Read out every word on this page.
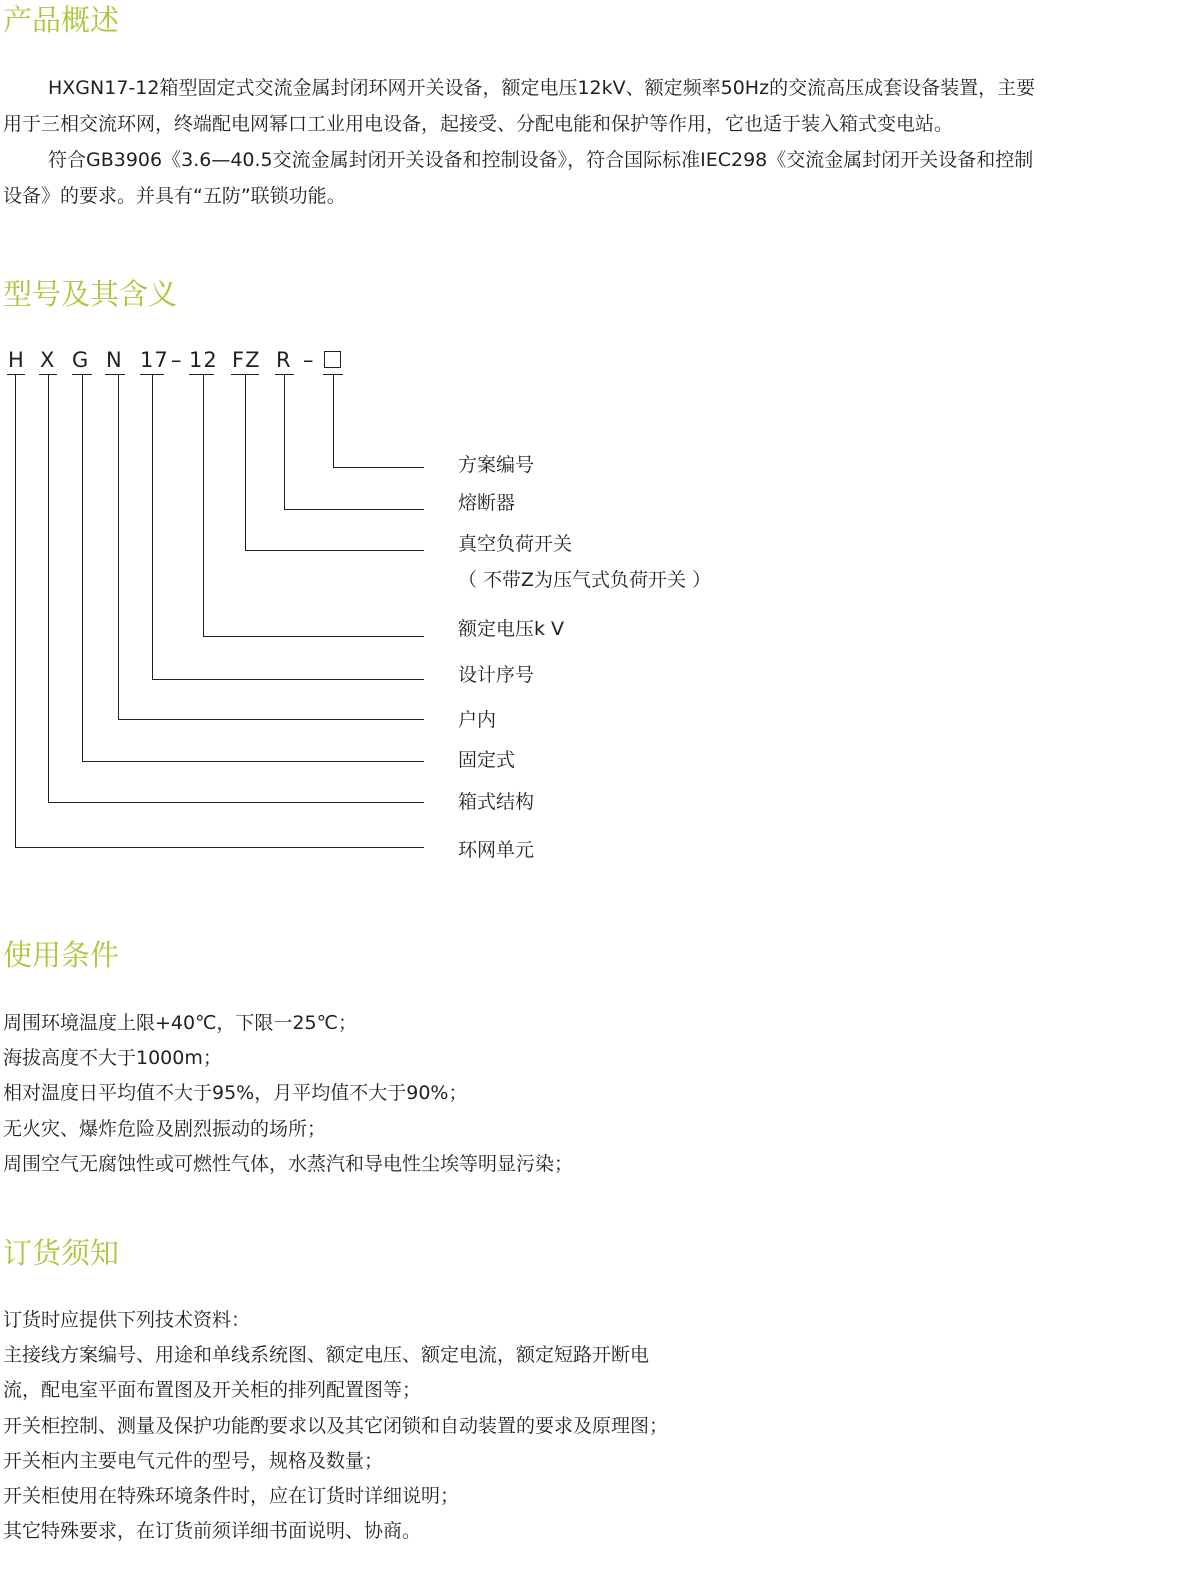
产品概述
HXGN17-12箱型固定式交流金属封闭环网开关设备，额定电压12kV、额定频率50Hz的交流高压成套设备装置，主要
用于三相交流环网，终端配电网幂口工业用电设备，起接受、分配电能和保护等作用，它也适于装入箱式变电站。
符合GB3906《3.6—40.5交流金属封闭开关设备和控制设备》，符合国际标准IEC298《交流金属封闭开关设备和控制
设备》的要求。并具有“五防”联锁功能。
型号及其含义
H X G N 17 – 12 FZ R –
方案编号
熔断器
真空负荷开关
（ 不带Z为压气式负荷开关 ）
额定电压k V
设计序号
户内
固定式
箱式结构
环网单元
使用条件
周围环境温度上限+40℃，下限一25℃；
海拔高度不大于1000m；
相对温度日平均值不大于95%，月平均值不大于90%；
无火灾、爆炸危险及剧烈振动的场所；
周围空气无腐蚀性或可燃性气体，水蒸汽和导电性尘埃等明显污染；
订货须知
订货时应提供下列技术资料：
主接线方案编号、用途和单线系统图、额定电压、额定电流，额定短路开断电
流，配电室平面布置图及开关柜的排列配置图等；
开关柜控制、测量及保护功能酌要求以及其它闭锁和自动装置的要求及原理图；
开关柜内主要电气元件的型号，规格及数量；
开关柜使用在特殊环境条件时，应在订货时详细说明；
其它特殊要求，在订货前须详细书面说明、协商。
